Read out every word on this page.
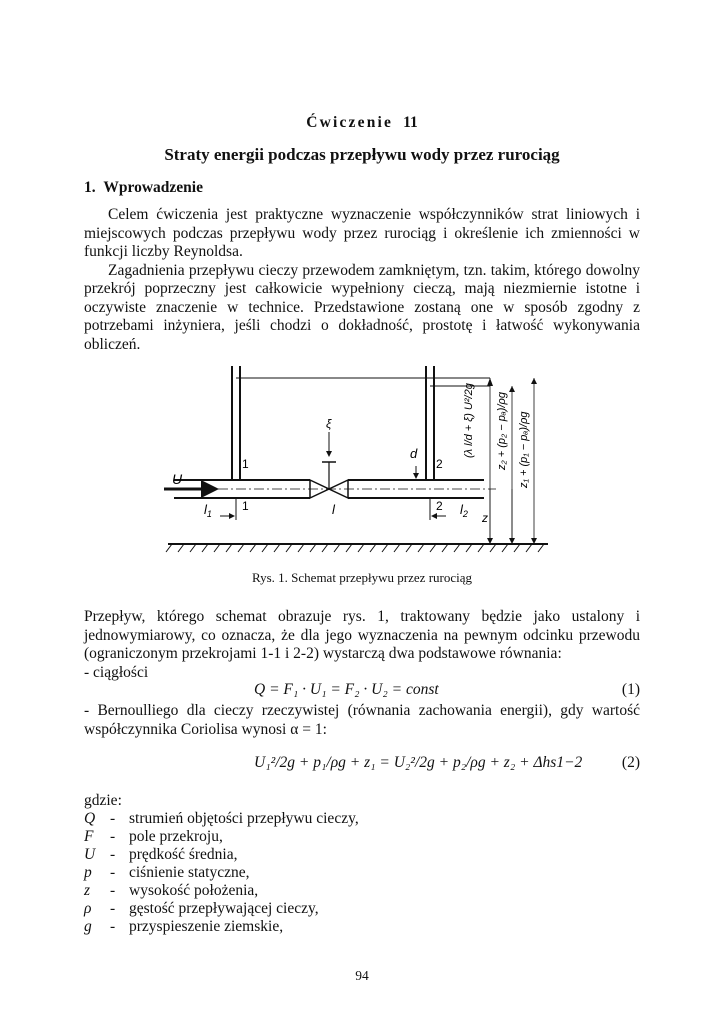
Ćwiczenie 11
Straty energii podczas przepływu wody przez rurociąg
1. Wprowadzenie

Celem ćwiczenia jest praktyczne wyznaczenie współczynników strat liniowych i miejscowych podczas przepływu wody przez rurociąg i określenie ich zmienności w funkcji liczby Reynoldsa.

Zagadnienia przepływu cieczy przewodem zamkniętym, tzn. takim, którego dowolny przekrój poprzeczny jest całkowicie wypełniony cieczą, mają niezmiernie istotne i oczywiste znaczenie w technice. Przedstawione zostaną one w sposób zgodny z potrzebami inżyniera, jeśli chodzi o dokładność, prostotę i łatwość wykonywania obliczeń.

ξ
U
1
1
2
2
d
$l_1$	l	$l_2$ z
(λ l/d + ξ) U²/2g z₂ + (p₂ − pₐ)/ρg z₁ + (p₁ − pₐ)/ρg
Rys. 1. Schemat przepływu przez rurociąg
Przepływ, którego schemat obrazuje rys. 1, traktowany będzie jako ustalony i jednowymiarowy, co oznacza, że dla jego wyznaczenia na pewnym odcinku przewodu (ograniczonym przekrojami 1-1 i 2-2) wystarczą dwa podstawowe równania:
- ciągłości
Q = F₁ · U₁ = F₂ · U₂ = const	(1)
- Bernoulliego dla cieczy rzeczywistej (równania zachowania energii), gdy wartość współczynnika Coriolisa wynosi α = 1:
U₁²/2g + p₁/ρg + z₁ = U₂²/2g + p₂/ρg + z₂ + Δhs1−2	(2)
gdzie:
Q - strumień objętości przepływu cieczy,
F - pole przekroju,
U - prędkość średnia,
p - ciśnienie statyczne,
z - wysokość położenia,
ρ - gęstość przepływającej cieczy,
g - przyspieszenie ziemskie,
94
